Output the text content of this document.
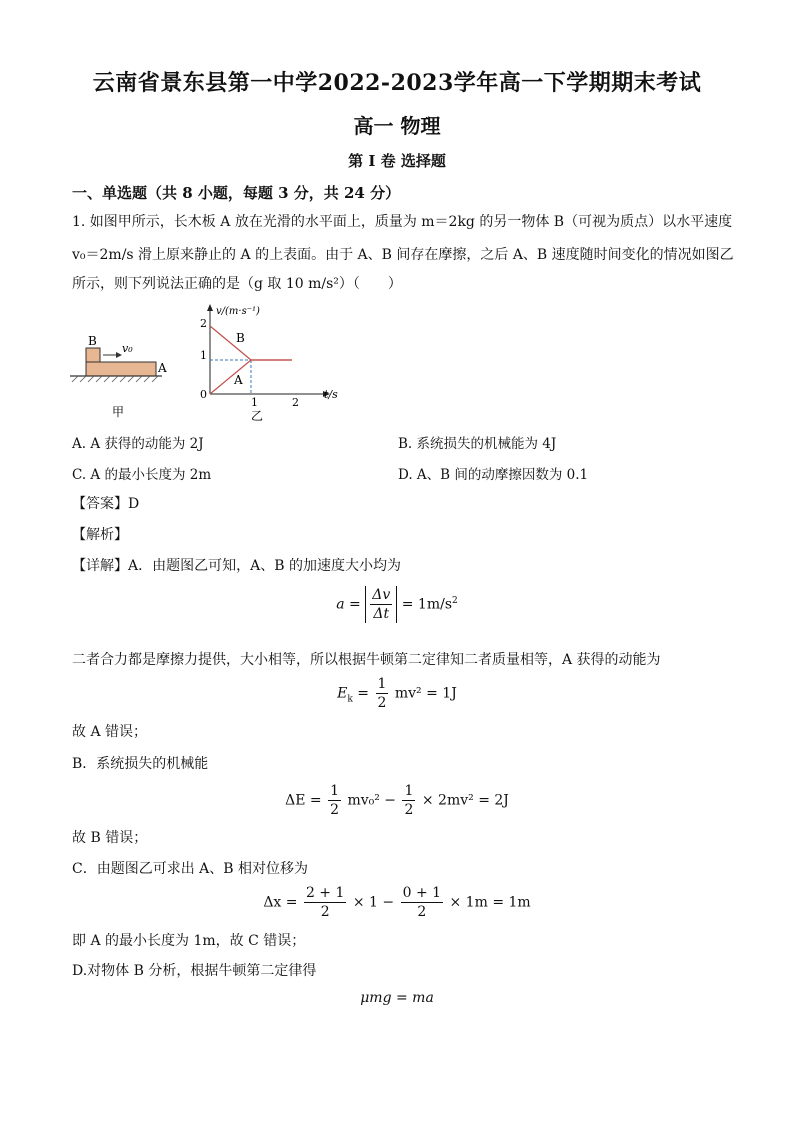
云南省景东县第一中学2022-2023学年高一下学期期末考试
高一 物理
第 I 卷 选择题
一、单选题（共 8 小题，每题 3 分，共 24 分）
1. 如图甲所示，长木板 A 放在光滑的水平面上，质量为 m＝2kg 的另一物体 B（可视为质点）以水平速度
v₀＝2m/s 滑上原来静止的 A 的上表面。由于 A、B 间存在摩擦，之后 A、B 速度随时间变化的情况如图乙
所示，则下列说法正确的是（g 取 10 m/s²）（　　）
B
v₀
A
甲
v/(m·s⁻¹)
t/s
2
1
0
1	2
B
A
乙
A. A 获得的动能为 2J	B. 系统损失的机械能为 4J
C. A 的最小长度为 2m	D. A、B 间的动摩擦因数为 0.1
【答案】D
【解析】
【详解】A．由题图乙可知，A、B 的加速度大小均为
$a = \frac{\Delta v}{\Delta t} = 1m/s^2$
二者合力都是摩擦力提供，大小相等，所以根据牛顿第二定律知二者质量相等，A 获得的动能为
$E_k = \frac{1}{2} mv^2 = 1J$
故 A 错误；
B．系统损失的机械能
$\Delta E = \frac{1}{2} mv_0^2 - \frac{1}{2} \times 2mv^2 = 2J$
故 B 错误；
C．由题图乙可求出 A、B 相对位移为
$\Delta x = \frac{2 + 1}{2} \times 1 - \frac{0 + 1}{2} \times 1m = 1m$
即 A 的最小长度为 1m，故 C 错误；
D.对物体 B 分析，根据牛顿第二定律得
μmg = ma
